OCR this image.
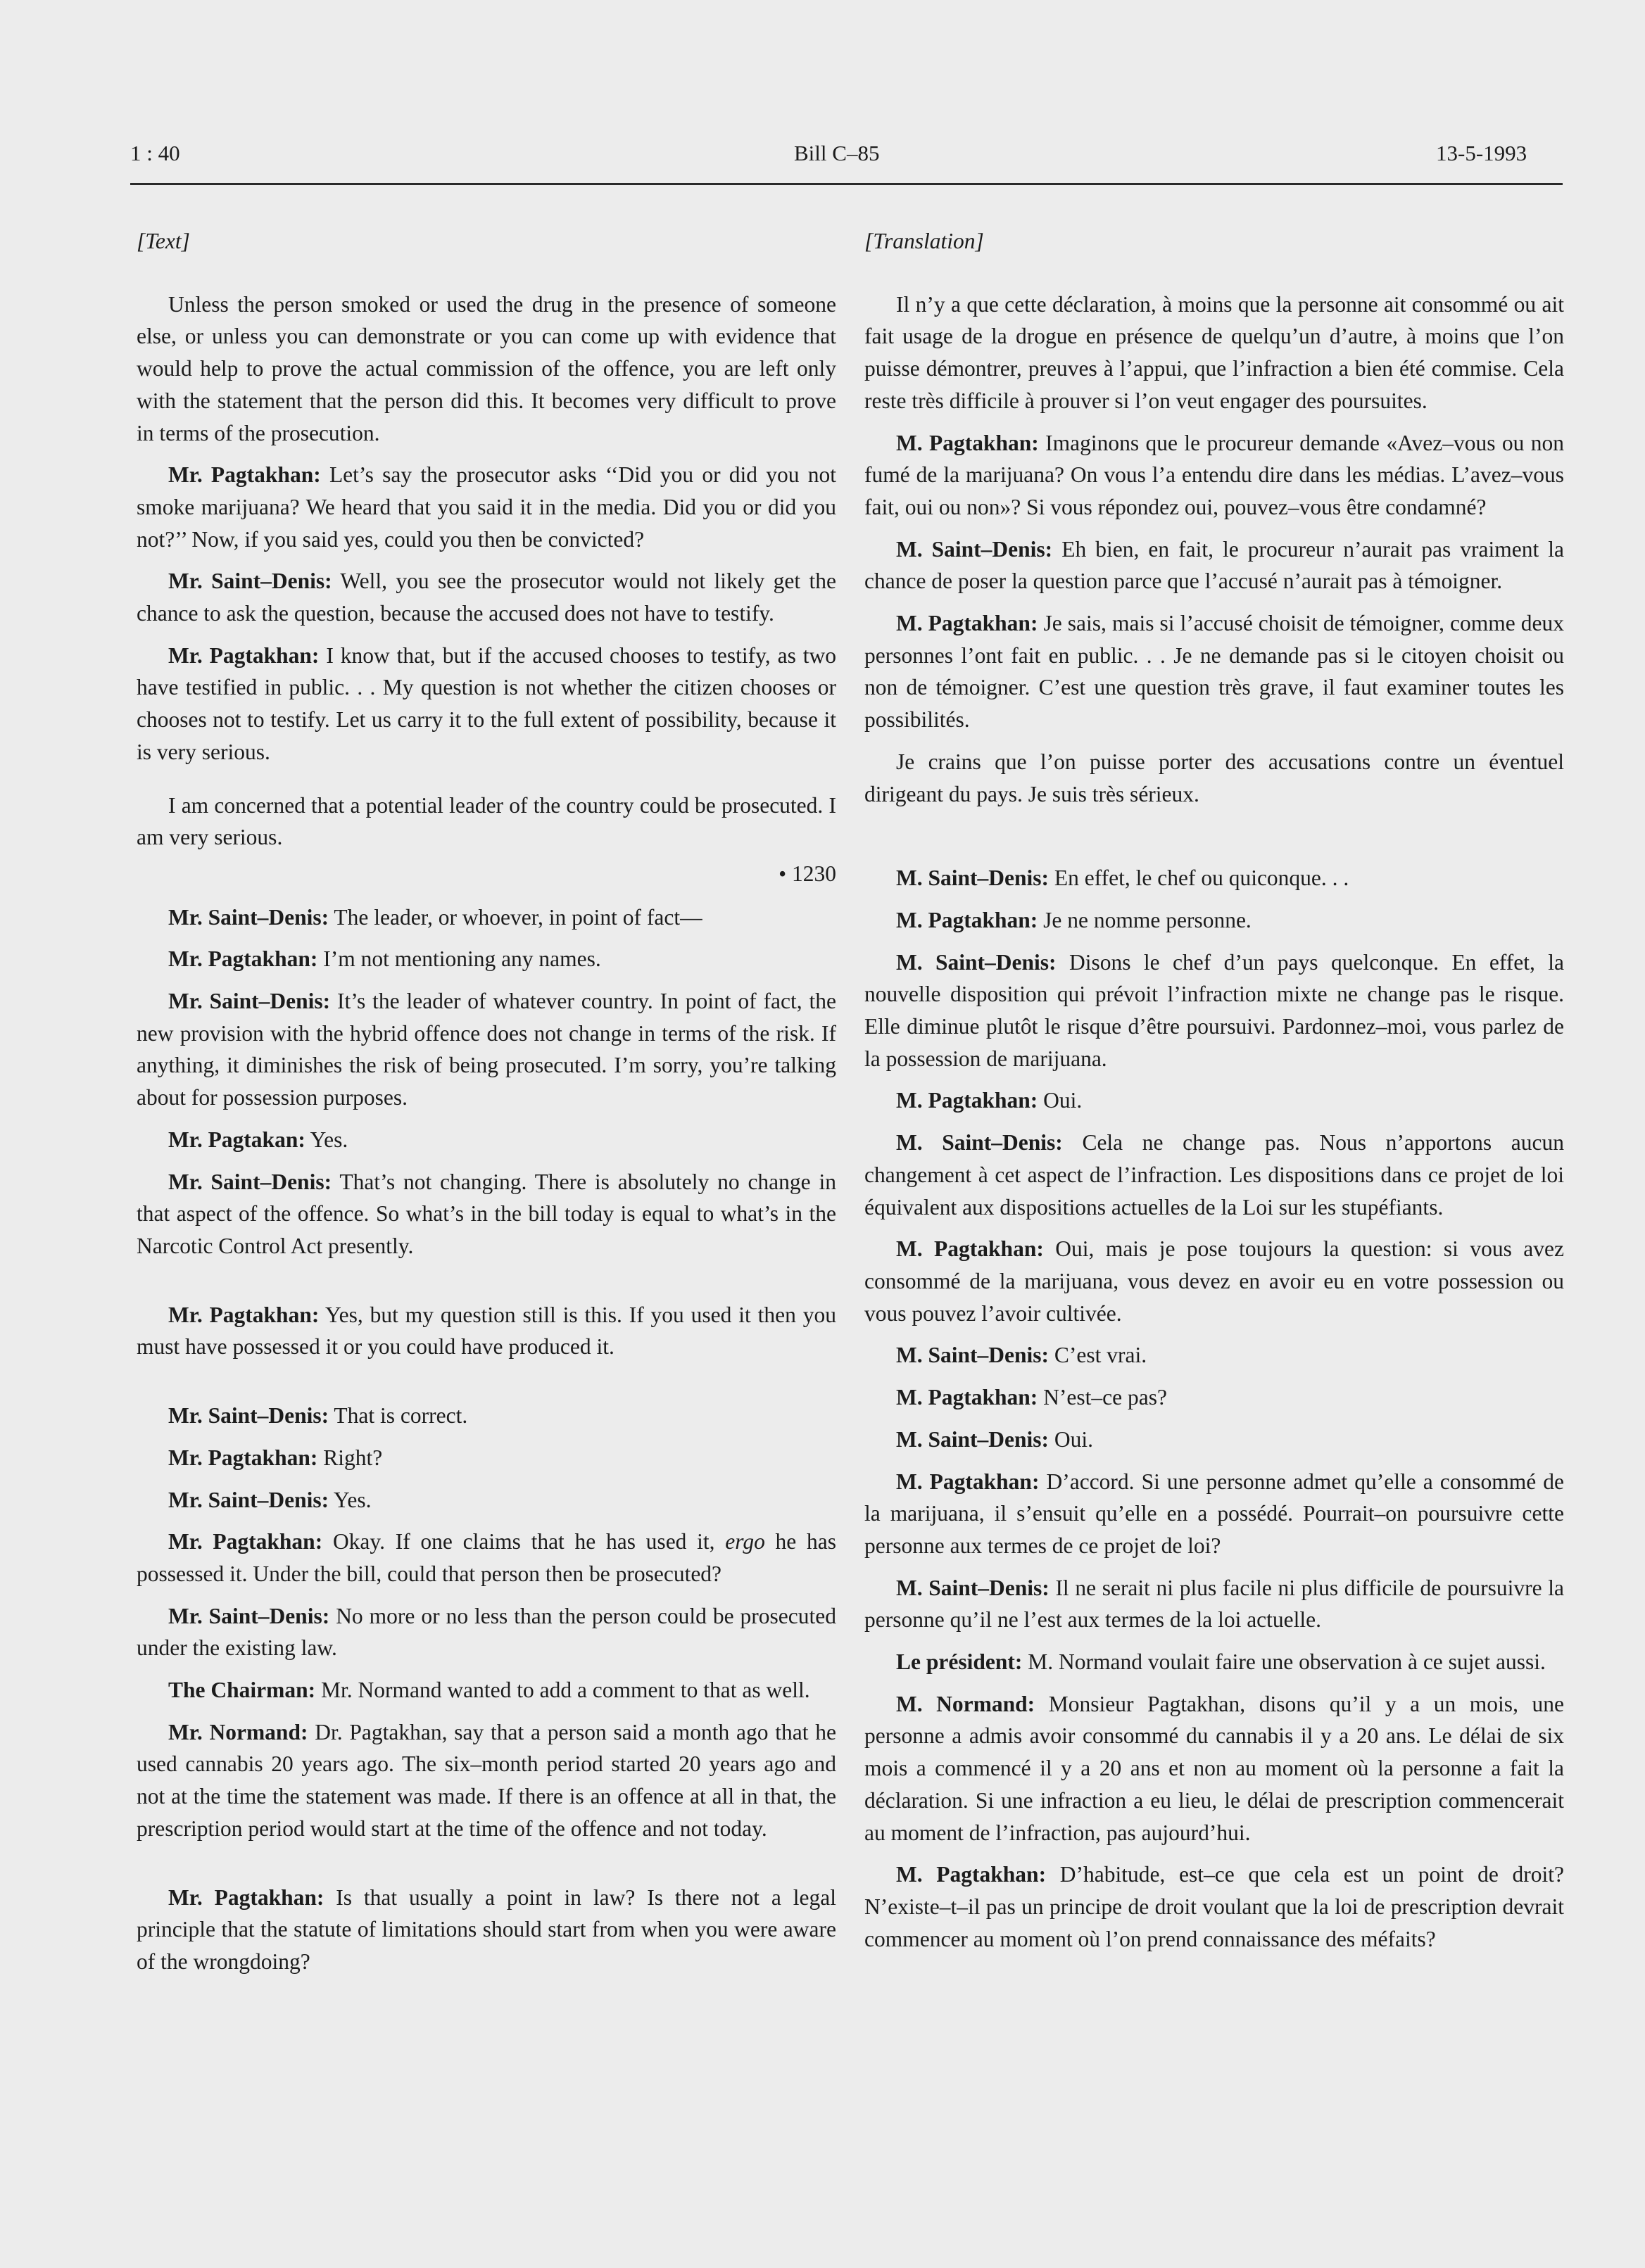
1 : 40	Bill C–85	13-5-1993
[Text]

Unless the person smoked or used the drug in the presence of someone else, or unless you can demonstrate or you can come up with evidence that would help to prove the actual commission of the offence, you are left only with the statement that the person did this. It becomes very difficult to prove in terms of the prosecution.

Mr. Pagtakhan: Let’s say the prosecutor asks ‘‘Did you or did you not smoke marijuana? We heard that you said it in the media. Did you or did you not?’’ Now, if you said yes, could you then be convicted?

Mr. Saint–Denis: Well, you see the prosecutor would not likely get the chance to ask the question, because the accused does not have to testify.

Mr. Pagtakhan: I know that, but if the accused chooses to testify, as two have testified in public. . . My question is not whether the citizen chooses or chooses not to testify. Let us carry it to the full extent of possibility, because it is very serious.

I am concerned that a potential leader of the country could be prosecuted. I am very serious.

• 1230

Mr. Saint–Denis: The leader, or whoever, in point of fact—

Mr. Pagtakhan: I’m not mentioning any names.

Mr. Saint–Denis: It’s the leader of whatever country. In point of fact, the new provision with the hybrid offence does not change in terms of the risk. If anything, it diminishes the risk of being prosecuted. I’m sorry, you’re talking about for possession purposes.

Mr. Pagtakan: Yes.

Mr. Saint–Denis: That’s not changing. There is absolutely no change in that aspect of the offence. So what’s in the bill today is equal to what’s in the Narcotic Control Act presently.

Mr. Pagtakhan: Yes, but my question still is this. If you used it then you must have possessed it or you could have produced it.

Mr. Saint–Denis: That is correct.

Mr. Pagtakhan: Right?

Mr. Saint–Denis: Yes.

Mr. Pagtakhan: Okay. If one claims that he has used it, ergo he has possessed it. Under the bill, could that person then be prosecuted?

Mr. Saint–Denis: No more or no less than the person could be prosecuted under the existing law.

The Chairman: Mr. Normand wanted to add a comment to that as well.

Mr. Normand: Dr. Pagtakhan, say that a person said a month ago that he used cannabis 20 years ago. The six–month period started 20 years ago and not at the time the statement was made. If there is an offence at all in that, the prescription period would start at the time of the offence and not today.

Mr. Pagtakhan: Is that usually a point in law? Is there not a legal principle that the statute of limitations should start from when you were aware of the wrongdoing?

[Translation]

Il n’y a que cette déclaration, à moins que la personne ait consommé ou ait fait usage de la drogue en présence de quelqu’un d’autre, à moins que l’on puisse démontrer, preuves à l’appui, que l’infraction a bien été commise. Cela reste très difficile à prouver si l’on veut engager des poursuites.

M. Pagtakhan: Imaginons que le procureur demande «Avez–vous ou non fumé de la marijuana? On vous l’a entendu dire dans les médias. L’avez–vous fait, oui ou non»? Si vous répondez oui, pouvez–vous être condamné?

M. Saint–Denis: Eh bien, en fait, le procureur n’aurait pas vraiment la chance de poser la question parce que l’accusé n’aurait pas à témoigner.

M. Pagtakhan: Je sais, mais si l’accusé choisit de témoigner, comme deux personnes l’ont fait en public. . . Je ne demande pas si le citoyen choisit ou non de témoigner. C’est une question très grave, il faut examiner toutes les possibilités.

Je crains que l’on puisse porter des accusations contre un éventuel dirigeant du pays. Je suis très sérieux.

M. Saint–Denis: En effet, le chef ou quiconque. . .

M. Pagtakhan: Je ne nomme personne.

M. Saint–Denis: Disons le chef d’un pays quelconque. En effet, la nouvelle disposition qui prévoit l’infraction mixte ne change pas le risque. Elle diminue plutôt le risque d’être poursuivi. Pardonnez–moi, vous parlez de la possession de marijuana.

M. Pagtakhan: Oui.

M. Saint–Denis: Cela ne change pas. Nous n’apportons aucun changement à cet aspect de l’infraction. Les dispositions dans ce projet de loi équivalent aux dispositions actuelles de la Loi sur les stupéfiants.

M. Pagtakhan: Oui, mais je pose toujours la question: si vous avez consommé de la marijuana, vous devez en avoir eu en votre possession ou vous pouvez l’avoir cultivée.

M. Saint–Denis: C’est vrai.

M. Pagtakhan: N’est–ce pas?

M. Saint–Denis: Oui.

M. Pagtakhan: D’accord. Si une personne admet qu’elle a consommé de la marijuana, il s’ensuit qu’elle en a possédé. Pourrait–on poursuivre cette personne aux termes de ce projet de loi?

M. Saint–Denis: Il ne serait ni plus facile ni plus difficile de poursuivre la personne qu’il ne l’est aux termes de la loi actuelle.

Le président: M. Normand voulait faire une observation à ce sujet aussi.

M. Normand: Monsieur Pagtakhan, disons qu’il y a un mois, une personne a admis avoir consommé du cannabis il y a 20 ans. Le délai de six mois a commencé il y a 20 ans et non au moment où la personne a fait la déclaration. Si une infraction a eu lieu, le délai de prescription commencerait au moment de l’infraction, pas aujourd’hui.

M. Pagtakhan: D’habitude, est–ce que cela est un point de droit? N’existe–t–il pas un principe de droit voulant que la loi de prescription devrait commencer au moment où l’on prend connaissance des méfaits?
